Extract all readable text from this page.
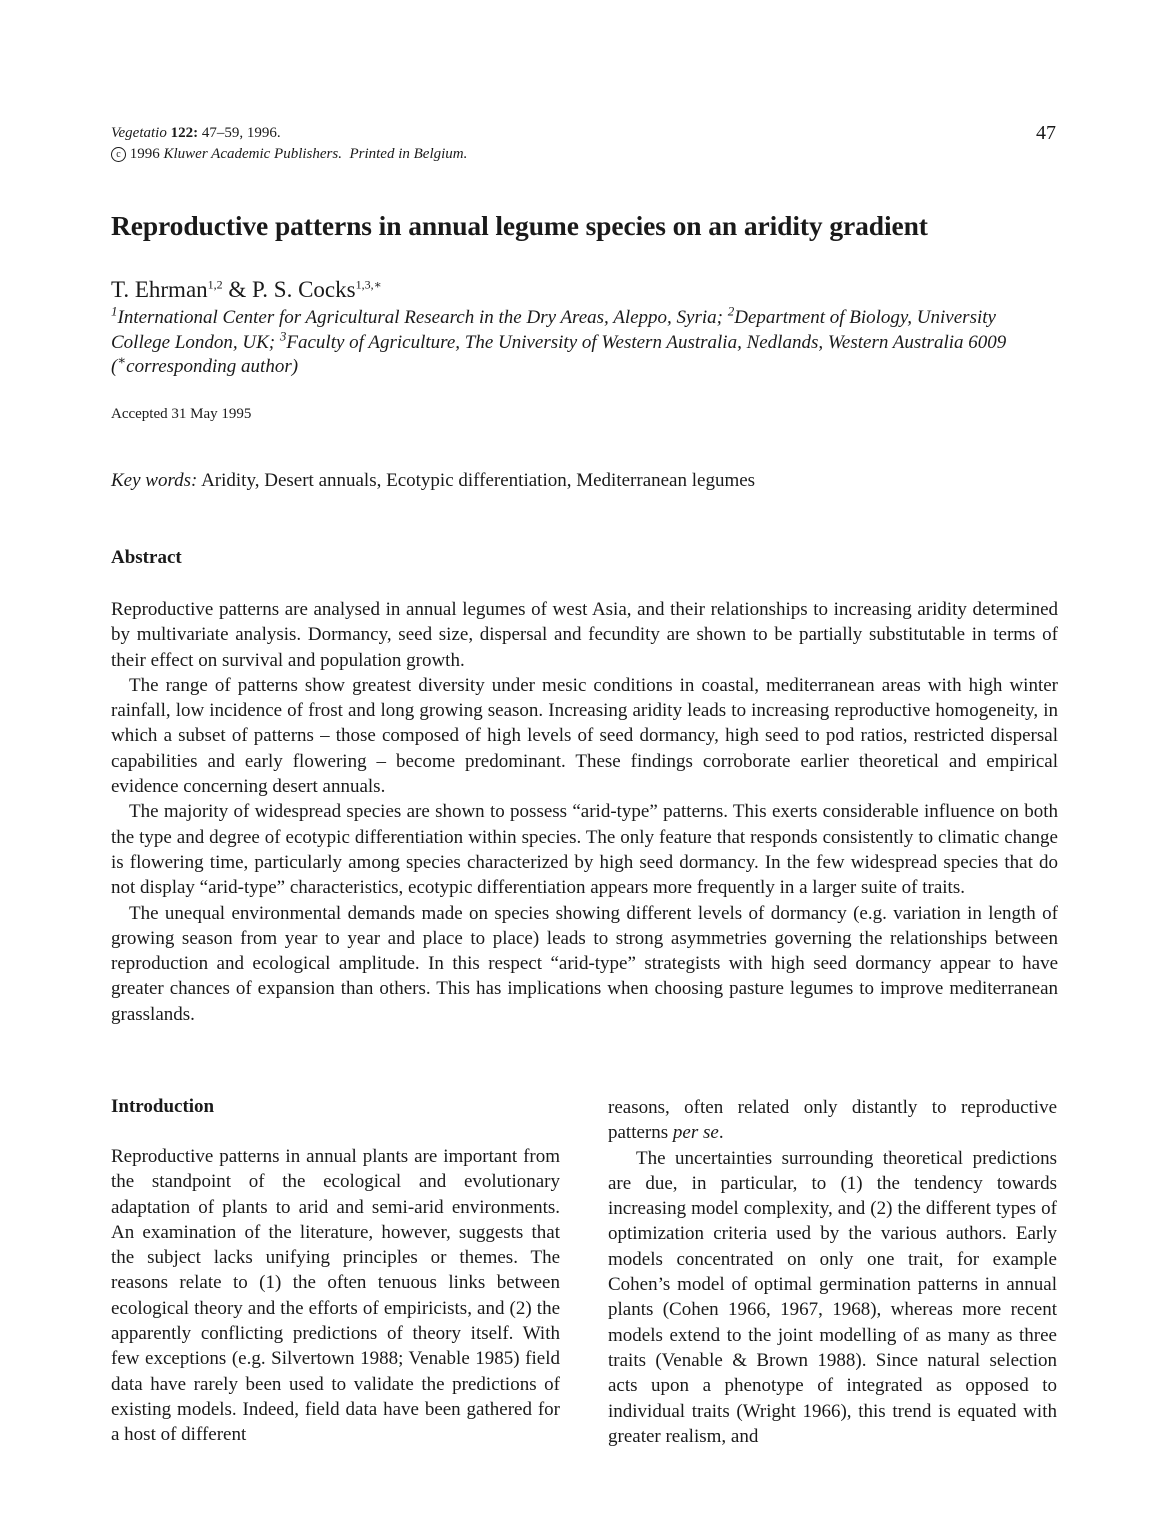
Vegetatio 122: 47–59, 1996.
c 1996 Kluwer Academic Publishers. Printed in Belgium.
47
Reproductive patterns in annual legume species on an aridity gradient
T. Ehrman$^{1,2}$ & P. S. Cocks$^{1,3,∗}$
$^1$International Center for Agricultural Research in the Dry Areas, Aleppo, Syria; $^2$Department of Biology, University College London, UK; $^3$Faculty of Agriculture, The University of Western Australia, Nedlands, Western Australia 6009 (∗corresponding author)
Accepted 31 May 1995
Key words: Aridity, Desert annuals, Ecotypic differentiation, Mediterranean legumes
Abstract

Reproductive patterns are analysed in annual legumes of west Asia, and their relationships to increasing aridity determined by multivariate analysis. Dormancy, seed size, dispersal and fecundity are shown to be partially substitutable in terms of their effect on survival and population growth.

The range of patterns show greatest diversity under mesic conditions in coastal, mediterranean areas with high winter rainfall, low incidence of frost and long growing season. Increasing aridity leads to increasing reproductive homogeneity, in which a subset of patterns – those composed of high levels of seed dormancy, high seed to pod ratios, restricted dispersal capabilities and early flowering – become predominant. These findings corroborate earlier theoretical and empirical evidence concerning desert annuals.

The majority of widespread species are shown to possess “arid-type” patterns. This exerts considerable influence on both the type and degree of ecotypic differentiation within species. The only feature that responds consistently to climatic change is flowering time, particularly among species characterized by high seed dormancy. In the few widespread species that do not display “arid-type” characteristics, ecotypic differentiation appears more frequently in a larger suite of traits.

The unequal environmental demands made on species showing different levels of dormancy (e.g. variation in length of growing season from year to year and place to place) leads to strong asymmetries governing the relationships between reproduction and ecological amplitude. In this respect “arid-type” strategists with high seed dormancy appear to have greater chances of expansion than others. This has implications when choosing pasture legumes to improve mediterranean grasslands.

Introduction

Reproductive patterns in annual plants are important from the standpoint of the ecological and evolutionary adaptation of plants to arid and semi-arid environments. An examination of the literature, however, suggests that the subject lacks unifying principles or themes. The reasons relate to (1) the often tenuous links between ecological theory and the efforts of empiricists, and (2) the apparently conflicting predictions of theory itself. With few exceptions (e.g. Silvertown 1988; Venable 1985) field data have rarely been used to validate the predictions of existing models. Indeed, field data have been gathered for a host of different

reasons, often related only distantly to reproductive patterns per se.

The uncertainties surrounding theoretical predictions are due, in particular, to (1) the tendency towards increasing model complexity, and (2) the different types of optimization criteria used by the various authors. Early models concentrated on only one trait, for example Cohen’s model of optimal germination patterns in annual plants (Cohen 1966, 1967, 1968), whereas more recent models extend to the joint modelling of as many as three traits (Venable & Brown 1988). Since natural selection acts upon a phenotype of integrated as opposed to individual traits (Wright 1966), this trend is equated with greater realism, and
